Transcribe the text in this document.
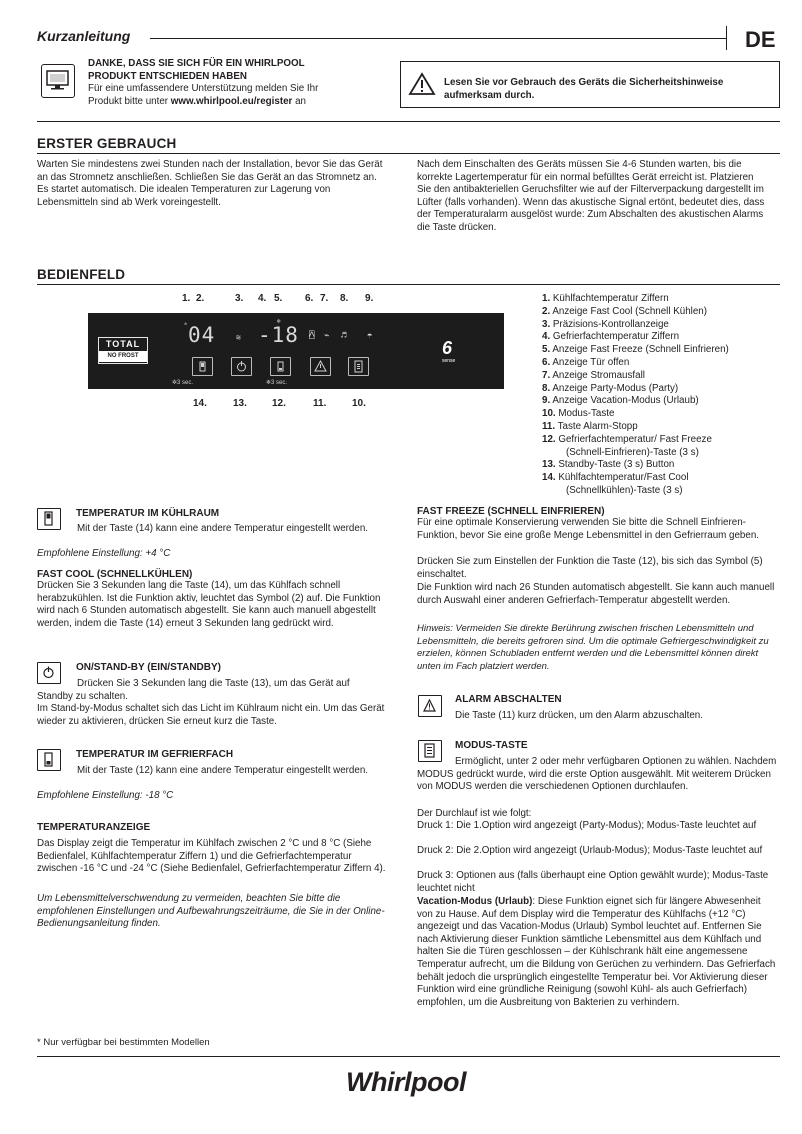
Kurzanleitung	DE
DANKE, DASS SIE SICH FÜR EIN WHIRLPOOL
PRODUKT ENTSCHIEDEN HABEN
Für eine umfassendere Unterstützung melden Sie Ihr
Produkt bitte unter www.whirlpool.eu/register an
Lesen Sie vor Gebrauch des Geräts die Sicherheitshinweise
aufmerksam durch.
ERSTER GEBRAUCH
Warten Sie mindestens zwei Stunden nach der Installation, bevor Sie das Gerät an das Stromnetz anschließen. Schließen Sie das Gerät an das Stromnetz an. Es startet automatisch. Die idealen Temperaturen zur Lagerung von Lebensmitteln sind ab Werk voreingestellt.
Nach dem Einschalten des Geräts müssen Sie 4-6 Stunden warten, bis die korrekte Lagertemperatur für ein normal befülltes Gerät erreicht ist. Platzieren Sie den antibakteriellen Geruchsfilter wie auf der Filterverpackung dargestellt im Lüfter (falls vorhanden). Wenn das akustische Signal ertönt, bedeutet dies, dass der Temperaturalarm ausgelöst wurde: Zum Abschalten des akustischen Alarms die Taste drücken.
BEDIENFELD
1. 2.	3. 4. 5. 6. 7. 8. 9.
TOTAL
NO FROST
04
✲
≋ -18
❄
⍓ ⌁ ♬ ☂
6
sense
✲3 sec.	❄3 sec.
14.	13.	12.	11.	10.
1. Kühlfachtemperatur Ziffern
2. Anzeige Fast Cool (Schnell Kühlen)
3. Präzisions-Kontrollanzeige
4. Gefrierfachtemperatur Ziffern
5. Anzeige Fast Freeze (Schnell Einfrieren)
6. Anzeige Tür offen
7. Anzeige Stromausfall
8. Anzeige Party-Modus (Party)
9. Anzeige Vacation-Modus (Urlaub)
10. Modus-Taste
11. Taste Alarm-Stopp
12. Gefrierfachtemperatur/ Fast Freeze
(Schnell-Einfrieren)-Taste (3 s)
13. Standby-Taste (3 s) Button
14. Kühlfachtemperatur/Fast Cool
(Schnellkühlen)-Taste (3 s)
TEMPERATUR IM KÜHLRAUM
Mit der Taste (14) kann eine andere Temperatur eingestellt werden.
Empfohlene Einstellung: +4 °C
FAST COOL (SCHNELLKÜHLEN)
Drücken Sie 3 Sekunden lang die Taste (14), um das Kühlfach schnell herabzukühlen. Ist die Funktion aktiv, leuchtet das Symbol (2) auf. Die Funktion wird nach 6 Stunden automatisch abgestellt. Sie kann auch manuell abgestellt werden, indem die Taste (14) erneut 3 Sekunden lang gedrückt wird.
ON/STAND-BY (EIN/STANDBY)
Drücken Sie 3 Sekunden lang die Taste (13), um das Gerät auf Standby zu schalten.
Im Stand-by-Modus schaltet sich das Licht im Kühlraum nicht ein. Um das Gerät wieder zu aktivieren, drücken Sie erneut kurz die Taste.
TEMPERATUR IM GEFRIERFACH
Mit der Taste (12) kann eine andere Temperatur eingestellt werden.
Empfohlene Einstellung: -18 °C
TEMPERATURANZEIGE
Das Display zeigt die Temperatur im Kühlfach zwischen 2 °C und 8 °C (Siehe Bedienfalel, Kühlfachtemperatur Ziffern 1) und die Gefrierfachtemperatur zwischen -16 °C und -24 °C (Siehe Bedienfalel, Gefrierfachtemperatur Ziffern 4).
Um Lebensmittelverschwendung zu vermeiden, beachten Sie bitte die empfohlenen Einstellungen und Aufbewahrungszeiträume, die Sie in der Online-Bedienungsanleitung finden.
FAST FREEZE (SCHNELL EINFRIEREN)
Für eine optimale Konservierung verwenden Sie bitte die Schnell Einfrieren-Funktion, bevor Sie eine große Menge Lebensmittel in den Gefrierraum geben.
Drücken Sie zum Einstellen der Funktion die Taste (12), bis sich das Symbol (5) einschaltet.
Die Funktion wird nach 26 Stunden automatisch abgestellt. Sie kann auch manuell durch Auswahl einer anderen Gefrierfach-Temperatur abgestellt werden.
Hinweis: Vermeiden Sie direkte Berührung zwischen frischen Lebensmitteln und Lebensmitteln, die bereits gefroren sind. Um die optimale Gefriergeschwindigkeit zu erzielen, können Schubladen entfernt werden und die Lebensmittel können direkt unten im Fach platziert werden.
ALARM ABSCHALTEN
Die Taste (11) kurz drücken, um den Alarm abzuschalten.
MODUS-TASTE
Ermöglicht, unter 2 oder mehr verfügbaren Optionen zu wählen. Nachdem MODUS gedrückt wurde, wird die erste Option ausgewählt. Mit weiterem Drücken von MODUS werden die verschiedenen Optionen durchlaufen.
Der Durchlauf ist wie folgt:
Druck 1: Die 1.Option wird angezeigt (Party-Modus); Modus-Taste leuchtet auf
Druck 2: Die 2.Option wird angezeigt (Urlaub-Modus); Modus-Taste leuchtet auf
Druck 3: Optionen aus (falls überhaupt eine Option gewählt wurde); Modus-Taste leuchtet nicht
Vacation-Modus (Urlaub): Diese Funktion eignet sich für längere Abwesenheit von zu Hause. Auf dem Display wird die Temperatur des Kühlfachs (+12 °C) angezeigt und das Vacation-Modus (Urlaub) Symbol leuchtet auf. Entfernen Sie nach Aktivierung dieser Funktion sämtliche Lebensmittel aus dem Kühlfach und halten Sie die Türen geschlossen – der Kühlschrank hält eine angemessene Temperatur aufrecht, um die Bildung von Gerüchen zu verhindern. Das Gefrierfach behält jedoch die ursprünglich eingestellte Temperatur bei. Vor Aktivierung dieser Funktion wird eine gründliche Reinigung (sowohl Kühl- als auch Gefrierfach) empfohlen, um die Ausbreitung von Bakterien zu verhindern.
* Nur verfügbar bei bestimmten Modellen
Whirlpool
